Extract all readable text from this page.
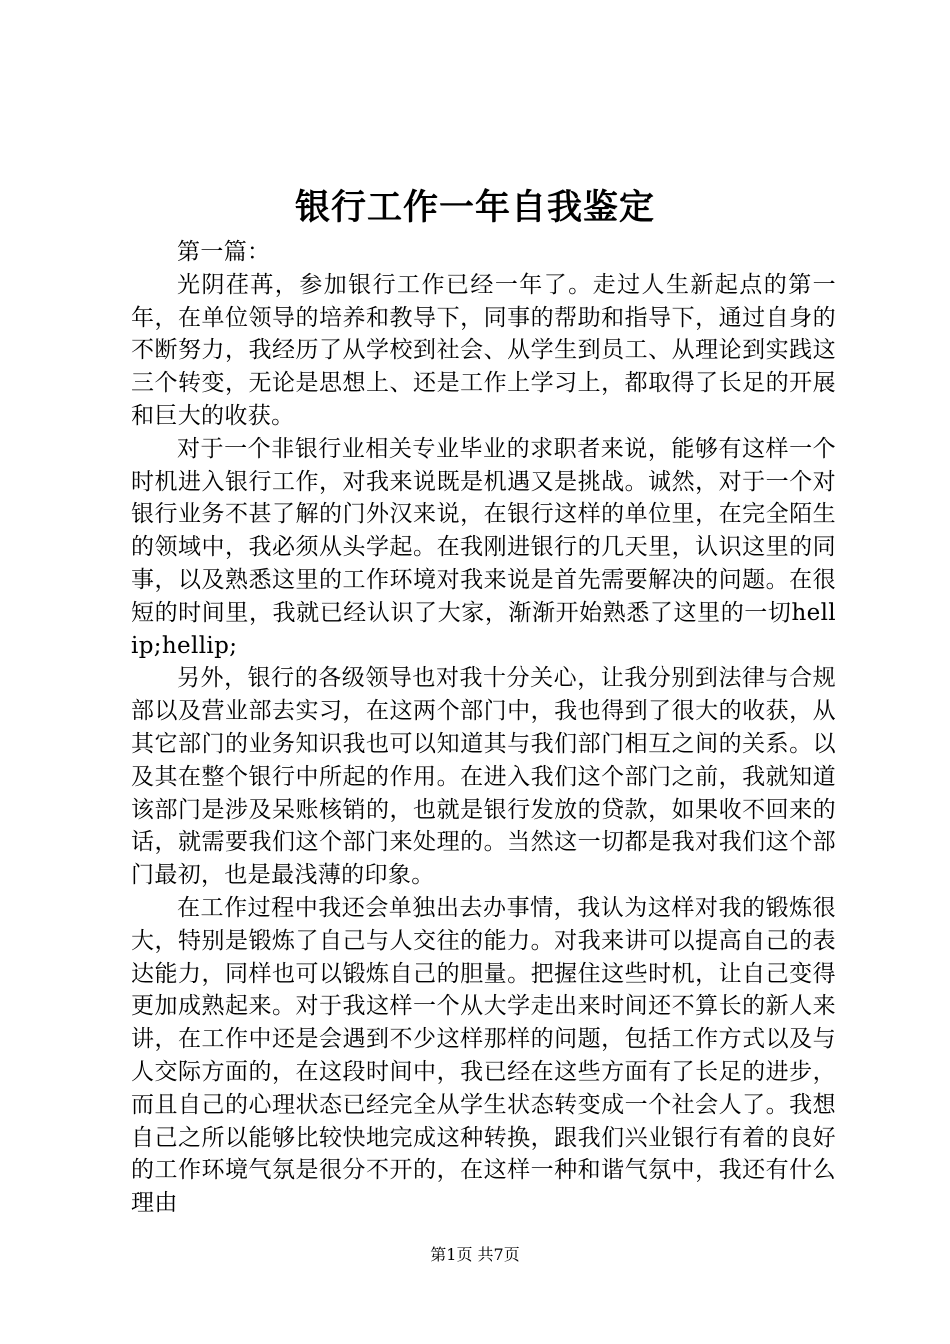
银行工作一年自我鉴定

第一篇：

光阴荏苒，参加银行工作已经一年了。走过人生新起点的第一年，在单位领导的培养和教导下，同事的帮助和指导下，通过自身的不断努力，我经历了从学校到社会、从学生到员工、从理论到实践这三个转变，无论是思想上、还是工作上学习上，都取得了长足的开展和巨大的收获。

对于一个非银行业相关专业毕业的求职者来说，能够有这样一个时机进入银行工作，对我来说既是机遇又是挑战。诚然，对于一个对银行业务不甚了解的门外汉来说，在银行这样的单位里，在完全陌生的领域中，我必须从头学起。在我刚进银行的几天里，认识这里的同事，以及熟悉这里的工作环境对我来说是首先需要解决的问题。在很短的时间里，我就已经认识了大家，渐渐开始熟悉了这里的一切hellip;hellip;

另外，银行的各级领导也对我十分关心，让我分别到法律与合规部以及营业部去实习，在这两个部门中，我也得到了很大的收获，从其它部门的业务知识我也可以知道其与我们部门相互之间的关系。以及其在整个银行中所起的作用。在进入我们这个部门之前，我就知道该部门是涉及呆账核销的，也就是银行发放的贷款，如果收不回来的话，就需要我们这个部门来处理的。当然这一切都是我对我们这个部门最初，也是最浅薄的印象。

在工作过程中我还会单独出去办事情，我认为这样对我的锻炼很大，特别是锻炼了自己与人交往的能力。对我来讲可以提高自己的表达能力，同样也可以锻炼自己的胆量。把握住这些时机，让自己变得更加成熟起来。对于我这样一个从大学走出来时间还不算长的新人来讲，在工作中还是会遇到不少这样那样的问题，包括工作方式以及与人交际方面的，在这段时间中，我已经在这些方面有了长足的进步，而且自己的心理状态已经完全从学生状态转变成一个社会人了。我想自己之所以能够比较快地完成这种转换，跟我们兴业银行有着的良好的工作环境气氛是很分不开的，在这样一种和谐气氛中，我还有什么理由

第1页 共7页
